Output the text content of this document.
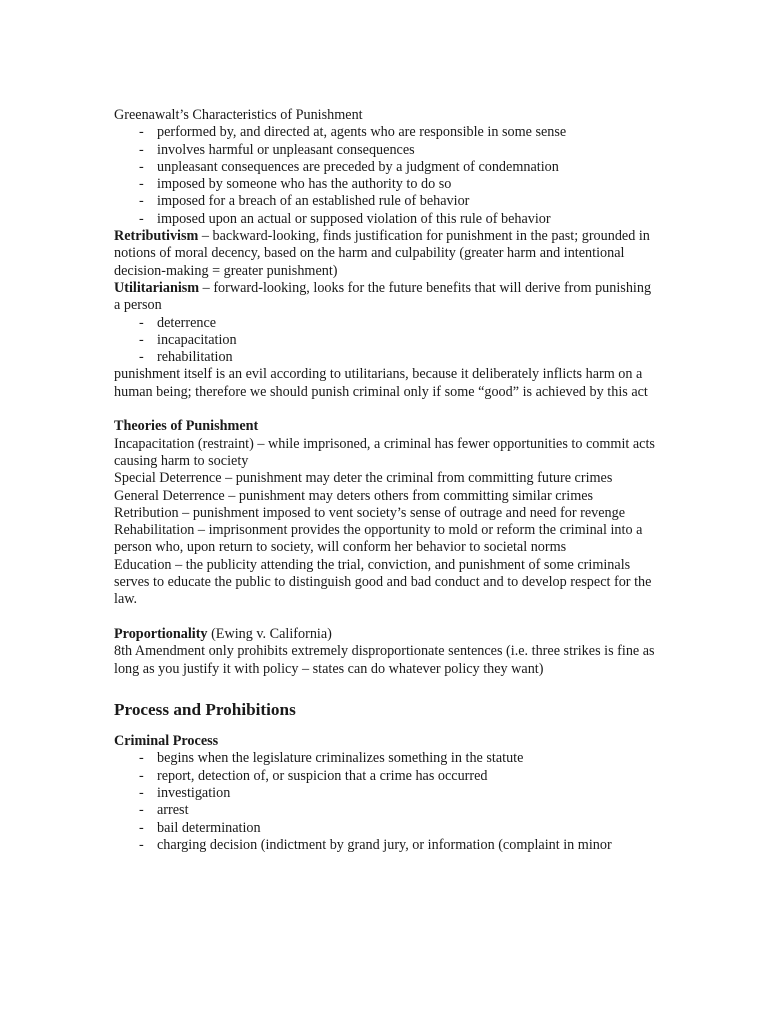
Greenawalt’s Characteristics of Punishment
- performed by, and directed at, agents who are responsible in some sense
- involves harmful or unpleasant consequences
- unpleasant consequences are preceded by a judgment of condemnation
- imposed by someone who has the authority to do so
- imposed for a breach of an established rule of behavior
- imposed upon an actual or supposed violation of this rule of behavior
Retributivism – backward-looking, finds justification for punishment in the past; grounded in notions of moral decency, based on the harm and culpability (greater harm and intentional decision-making = greater punishment)
Utilitarianism – forward-looking, looks for the future benefits that will derive from punishing a person
- deterrence
- incapacitation
- rehabilitation
punishment itself is an evil according to utilitarians, because it deliberately inflicts harm on a human being; therefore we should punish criminal only if some “good” is achieved by this act
Theories of Punishment
Incapacitation (restraint) – while imprisoned, a criminal has fewer opportunities to commit acts causing harm to society
Special Deterrence – punishment may deter the criminal from committing future crimes
General Deterrence – punishment may deters others from committing similar crimes
Retribution – punishment imposed to vent society’s sense of outrage and need for revenge
Rehabilitation – imprisonment provides the opportunity to mold or reform the criminal into a person who, upon return to society, will conform her behavior to societal norms
Education – the publicity attending the trial, conviction, and punishment of some criminals serves to educate the public to distinguish good and bad conduct and to develop respect for the law.
Proportionality (Ewing v. California)
8th Amendment only prohibits extremely disproportionate sentences (i.e. three strikes is fine as long as you justify it with policy – states can do whatever policy they want)
Process and Prohibitions
Criminal Process
- begins when the legislature criminalizes something in the statute
- report, detection of, or suspicion that a crime has occurred
- investigation
- arrest
- bail determination
- charging decision (indictment by grand jury, or information (complaint in minor
